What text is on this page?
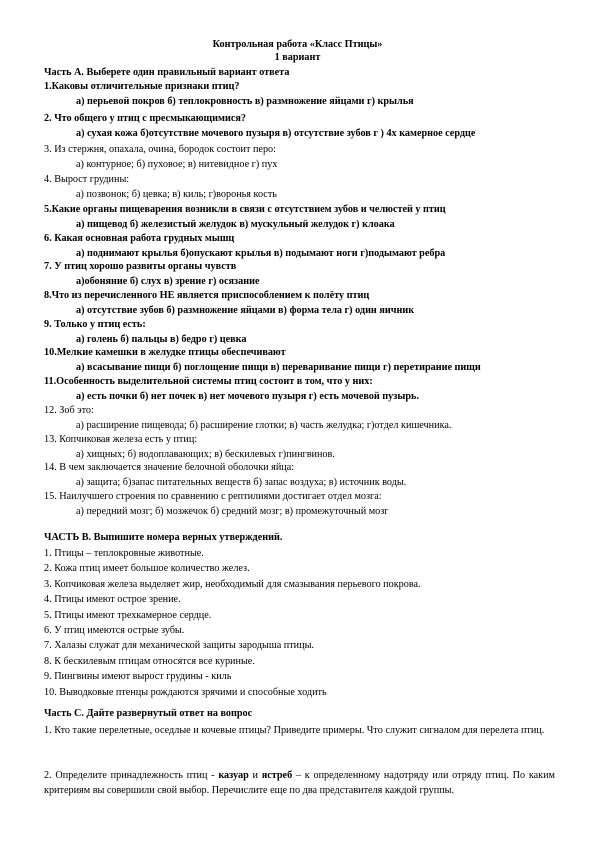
Контрольная работа «Класс Птицы»
1 вариант
Часть А. Выберете один правильный вариант ответа
1.Каковы отличительные признаки птиц?
а) перьевой покров б) теплокровность в) размножение яйцами г) крылья
2. Что общего у птиц с пресмыкающимися?
а) сухая кожа б)отсутствие мочевого пузыря в) отсутствие зубов г ) 4х камерное сердце
3. Из стержня, опахала, очина, бородок состоит перо:
а) контурное; б) пуховое; в) нитевидное г) пух
4. Вырост грудины:
а) позвонок; б) цевка; в) киль; г)воронья кость
5.Какие органы пищеварения возникли в связи с отсутствием зубов и челюстей у птиц
а) пищевод б) железистый желудок в) мускульный желудок г) клоака
6. Какая основная работа грудных мышц
а) поднимают крылья б)опускают крылья в) подымают ноги г)подымают ребра
7. У птиц хорошо развиты органы чувств
а)обоняние б) слух в) зрение г) осязание
8.Что из перечисленного НЕ является приспособлением к полёту птиц
а) отсутствие зубов б) размножение яйцами в) форма тела г) один яичник
9. Только у птиц есть:
а) голень б) пальцы в) бедро г) цевка
10.Мелкие камешки в желудке птицы обеспечивают
а) всасывание пищи б) поглощение пищи в) переваривание пищи г) перетирание пищи
11.Особенность выделительной системы птиц состоит в том, что у них:
а) есть почки б) нет почек в) нет мочевого пузыря г) есть мочевой пузырь.
12. Зоб это:
а) расширение пищевода; б) расширение глотки; в) часть желудка; г)отдел кишечника.
13. Копчиковая железа есть у птиц:
а) хищных; б) водоплавающих; в) бескилевых г)пингвинов.
14. В чем заключается значение белочной оболочки яйца:
а) защита; б)запас питательных веществ б) запас воздуха; в) источник воды.
15. Наилучшего строения по сравнению с рептилиями достигает отдел мозга:
а) передний мозг; б) мозжечок б) средний мозг; в) промежуточный мозг
ЧАСТЬ В. Выпишите номера верных утверждений.
1. Птицы – теплокровные животные.
2. Кожа птиц имеет большое количество желез.
3. Копчиковая железа выделяет жир, необходимый для смазывания перьевого покрова.
4. Птицы имеют острое зрение.
5. Птицы имеют трехкамерное сердце.
6. У птиц имеются острые зубы.
7. Халазы служат для механической защиты зародыша птицы.
8. К бескилевым птицам относятся все куриные.
9. Пингвины имеют вырост грудины - киль
10. Выводковые птенцы рождаются зрячими и способные ходить
Часть С. Дайте развернутый ответ на вопрос
1. Кто такие перелетные, оседлые и кочевые птицы? Приведите примеры. Что служит сигналом для перелета птиц.
2. Определите принадлежность птиц - казуар и ястреб – к определенному надотряду или отряду птиц. По каким критериям вы совершили свой выбор. Перечислите еще по два представителя каждой группы.
